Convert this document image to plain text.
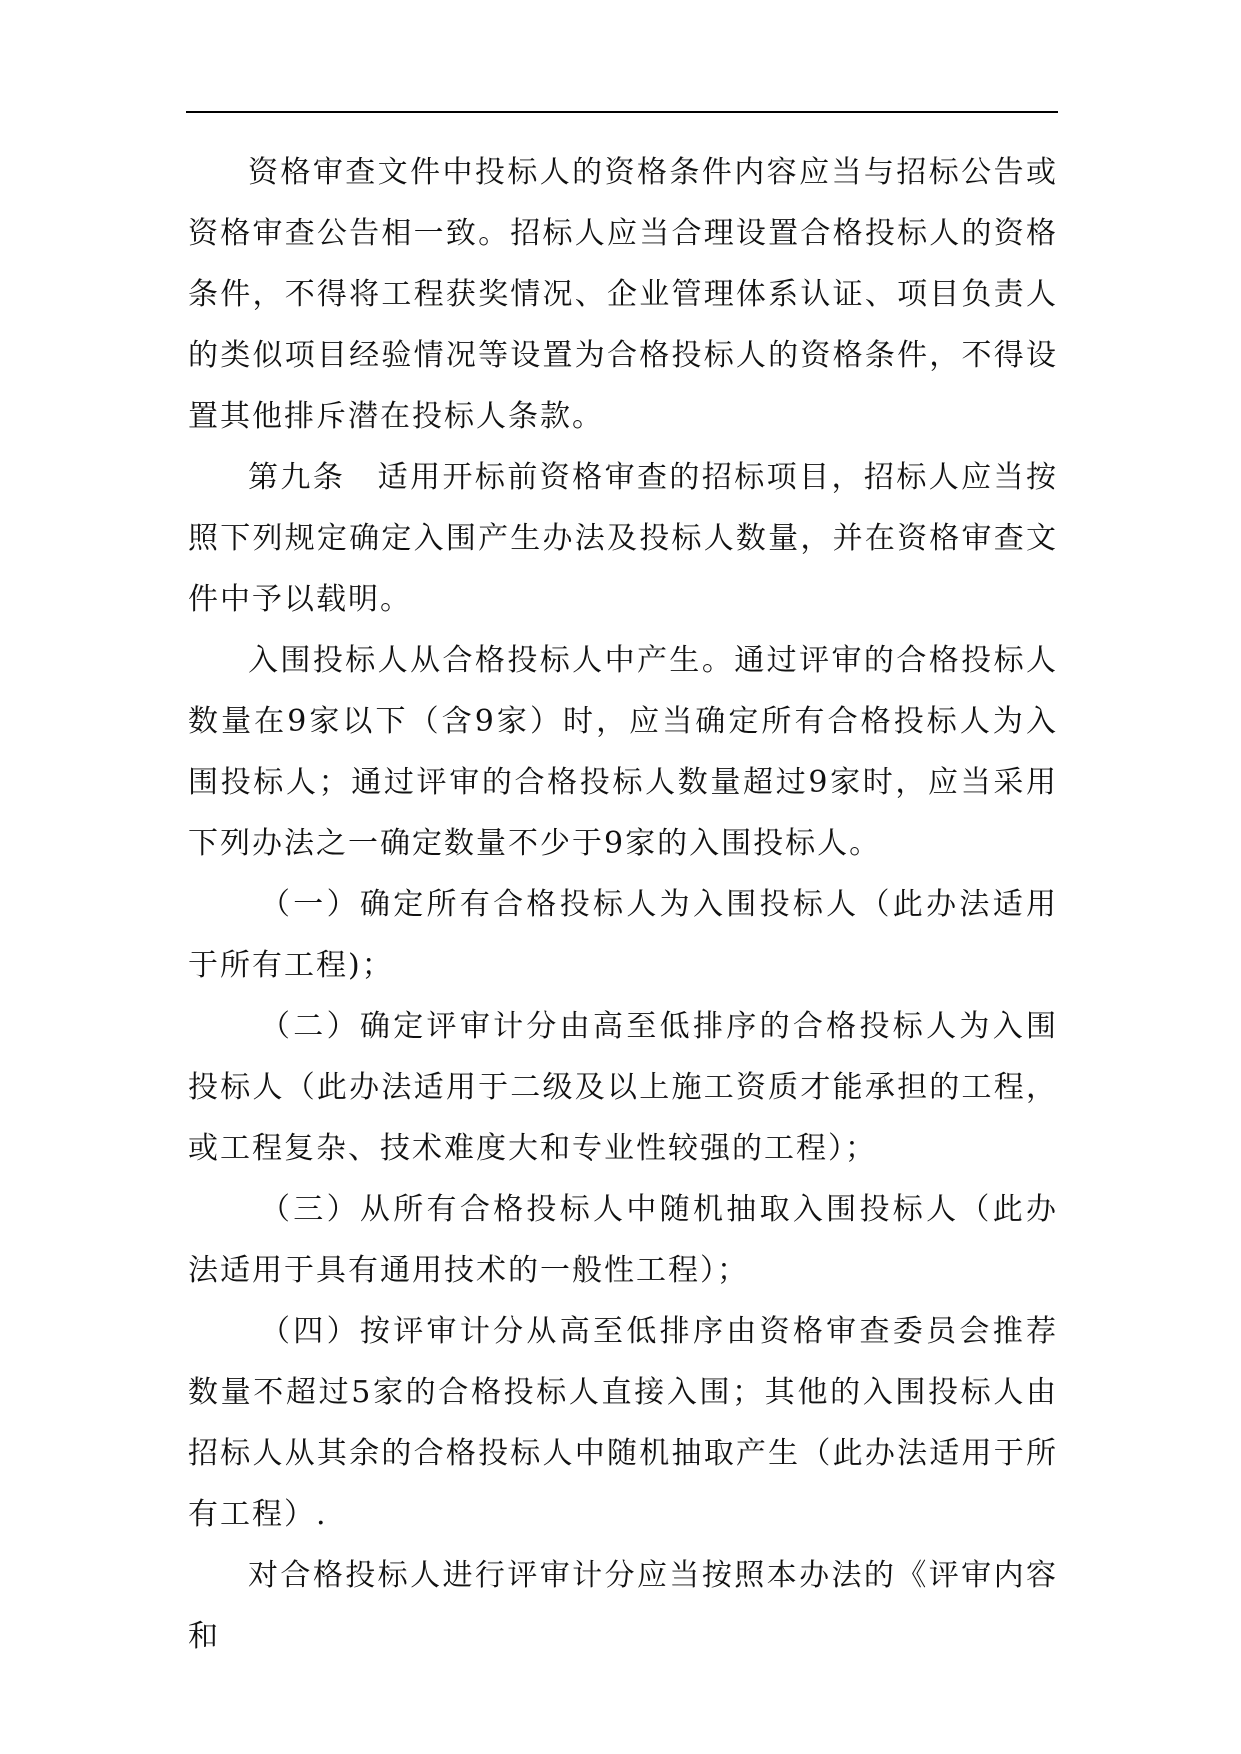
资格审查文件中投标人的资格条件内容应当与招标公告或资格审查公告相一致。招标人应当合理设置合格投标人的资格条件，不得将工程获奖情况、企业管理体系认证、项目负责人的类似项目经验情况等设置为合格投标人的资格条件，不得设置其他排斥潜在投标人条款。

第九条　适用开标前资格审查的招标项目，招标人应当按照下列规定确定入围产生办法及投标人数量，并在资格审查文件中予以载明。

入围投标人从合格投标人中产生。通过评审的合格投标人数量在9家以下（含9家）时，应当确定所有合格投标人为入围投标人；通过评审的合格投标人数量超过9家时，应当采用下列办法之一确定数量不少于9家的入围投标人。

（一）确定所有合格投标人为入围投标人（此办法适用于所有工程)；

（二）确定评审计分由高至低排序的合格投标人为入围投标人（此办法适用于二级及以上施工资质才能承担的工程，或工程复杂、技术难度大和专业性较强的工程）；

（三）从所有合格投标人中随机抽取入围投标人（此办法适用于具有通用技术的一般性工程）；

（四）按评审计分从高至低排序由资格审查委员会推荐数量不超过5家的合格投标人直接入围；其他的入围投标人由招标人从其余的合格投标人中随机抽取产生（此办法适用于所有工程）.

对合格投标人进行评审计分应当按照本办法的《评审内容和
